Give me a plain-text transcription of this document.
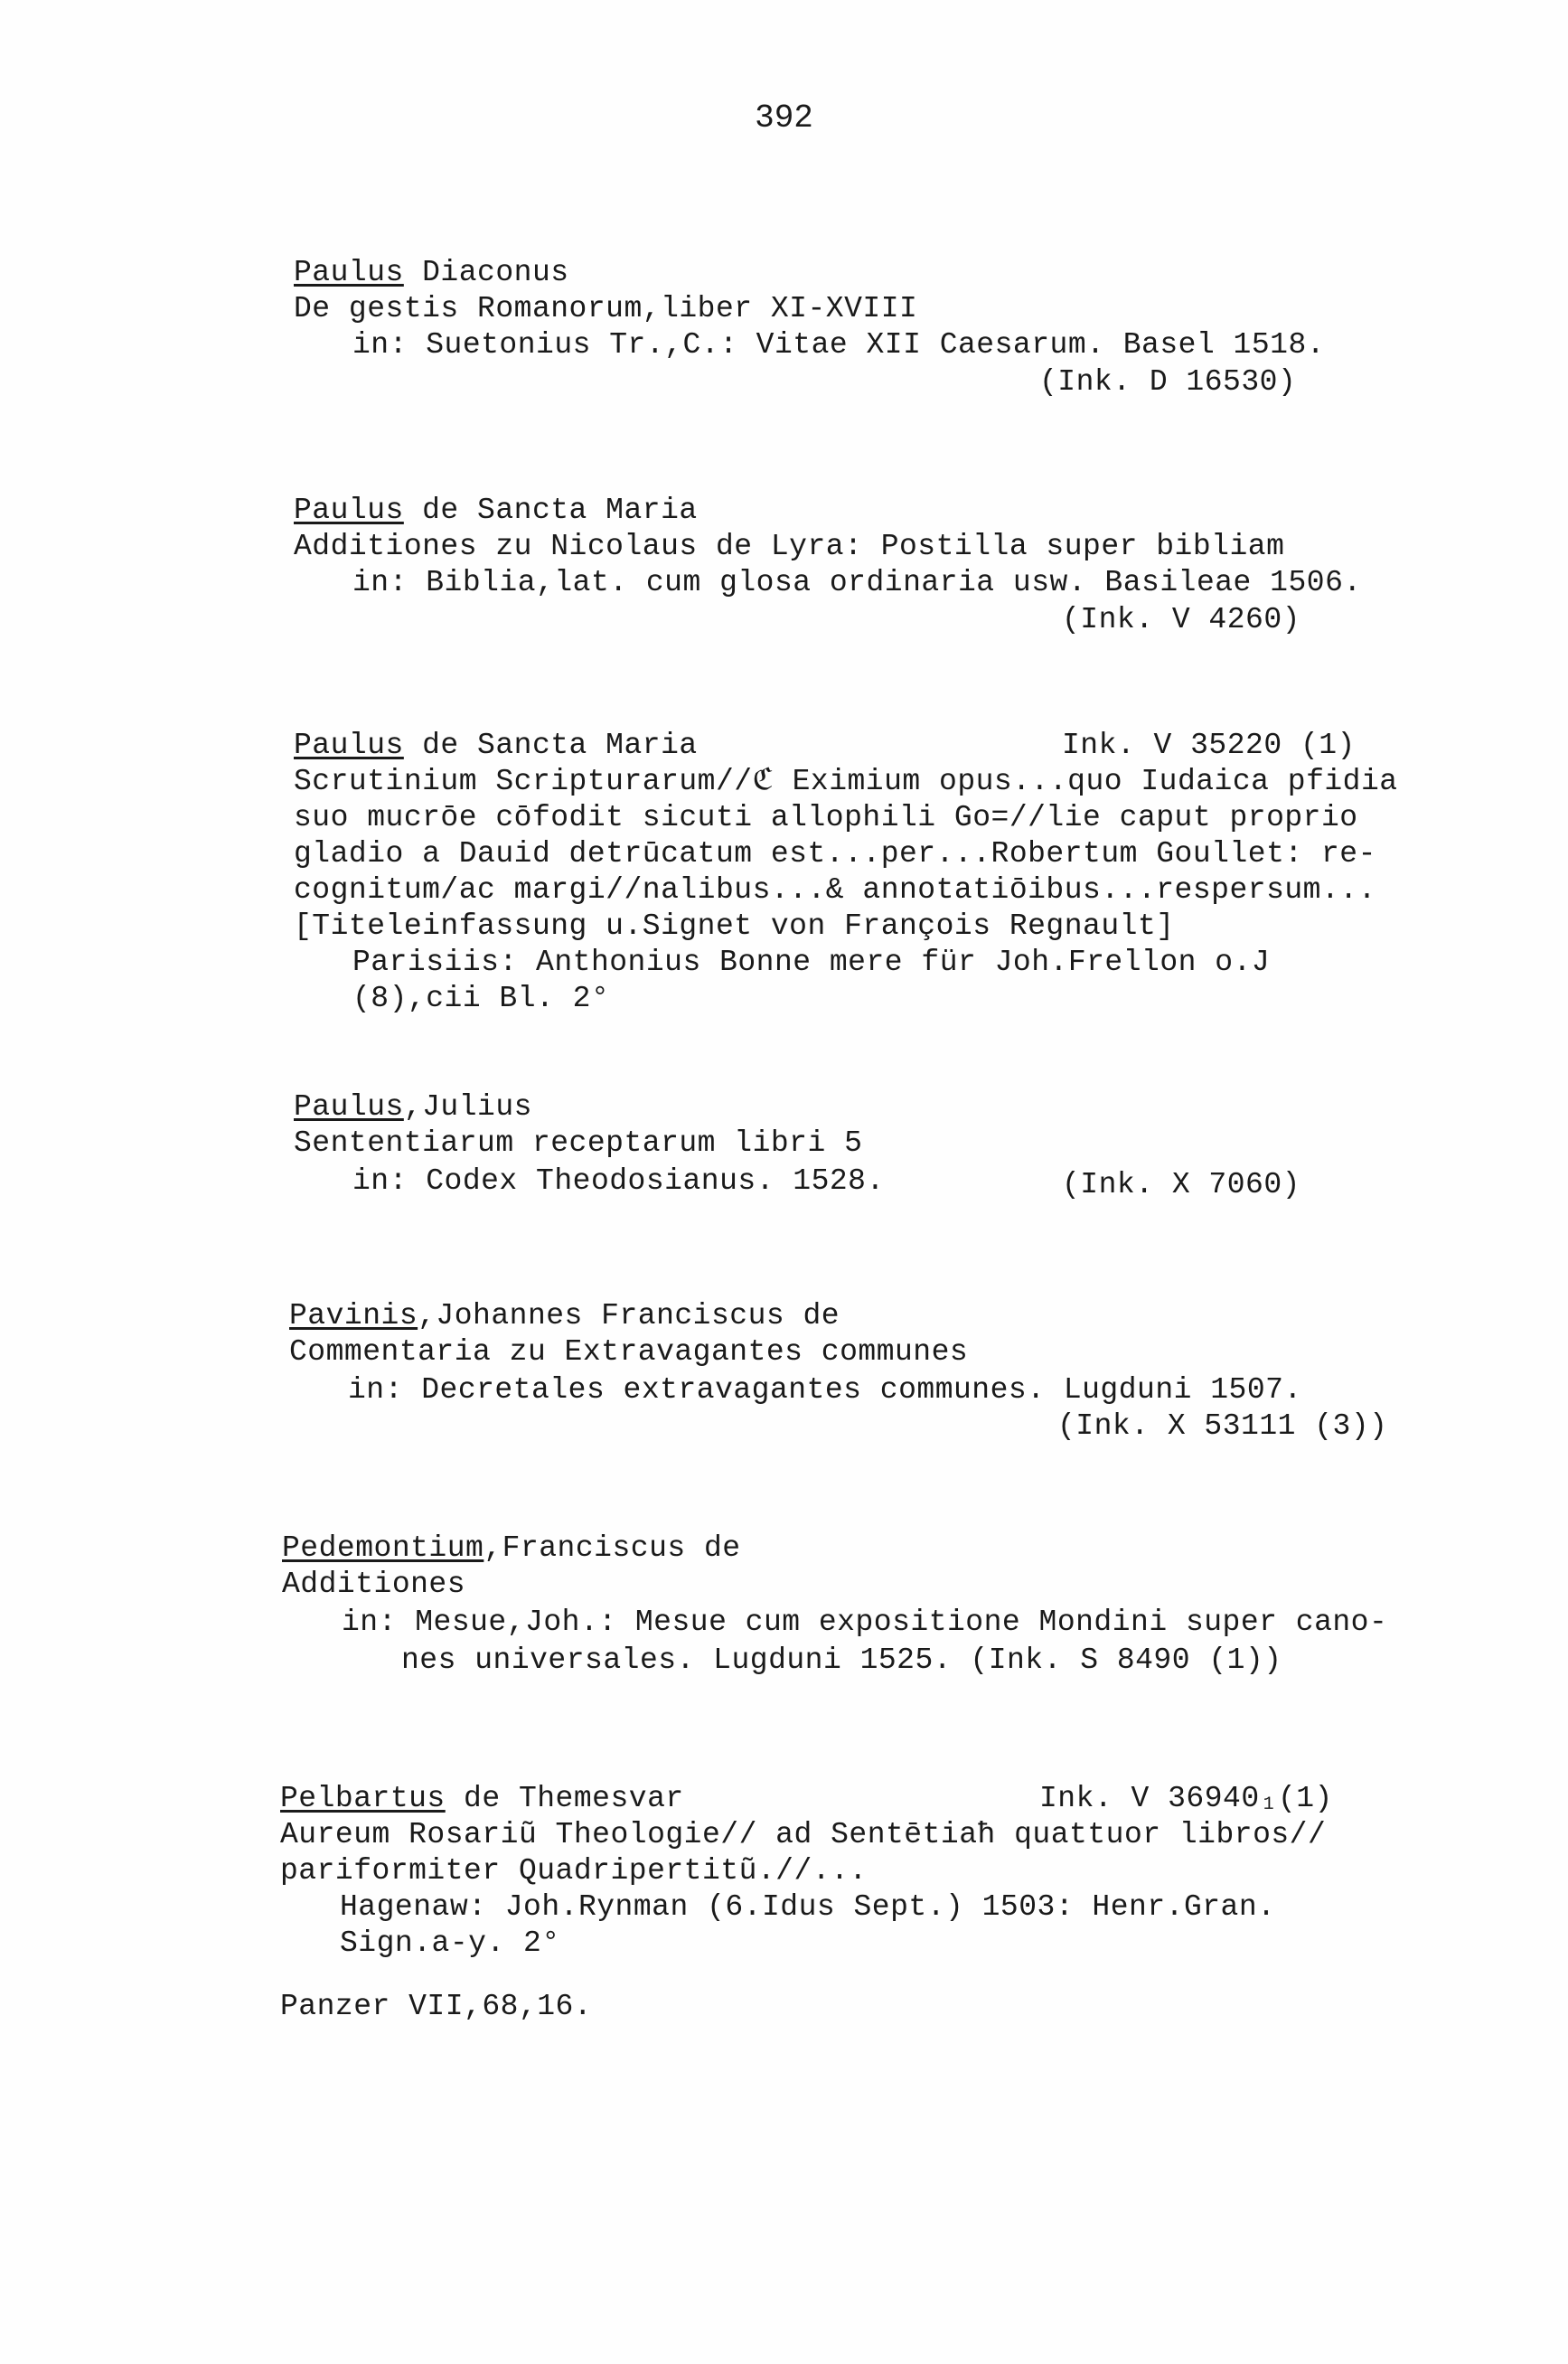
392
Paulus Diaconus
De gestis Romanorum,liber XI-XVIII
in: Suetonius Tr.,C.: Vitae XII Caesarum. Basel 1518.
(Ink. D 16530)
Paulus de Sancta Maria
Additiones zu Nicolaus de Lyra: Postilla super bibliam
in: Biblia,lat. cum glosa ordinaria usw. Basileae 1506.
(Ink. V 4260)
Paulus de Sancta Maria	Ink. V 35220 (1)
Scrutinium Scripturarum//ℭ Eximium opus...quo Iudaica pfidia
suo mucrōe cōfodit sicuti allophili Go=//lie caput proprio
gladio a Dauid detrūcatum est...per...Robertum Goullet: re-
cognitum/ac margi//nalibus...& annotatiōibus...respersum...
[Titeleinfassung u.Signet von François Regnault]
Parisiis: Anthonius Bonne mere für Joh.Frellon o.J
(8),cii Bl. 2°
Paulus,Julius
Sententiarum receptarum libri 5
in: Codex Theodosianus. 1528.	(Ink. X 7060)
Pavinis,Johannes Franciscus de
Commentaria zu Extravagantes communes
in: Decretales extravagantes communes. Lugduni 1507.
(Ink. X 53111 (3))
Pedemontium,Franciscus de
Additiones
in: Mesue,Joh.: Mesue cum expositione Mondini super cano-
nes universales. Lugduni 1525. (Ink. S 8490 (1))
Pelbartus de Themesvar	Ink. V 36940₁(1)
Aureum Rosariũ Theologie// ad Sentētiaħ quattuor libros//
pariformiter Quadripertitũ.//...
Hagenaw: Joh.Rynman (6.Idus Sept.) 1503: Henr.Gran.
Sign.a-y. 2°
Panzer VII,68,16.
